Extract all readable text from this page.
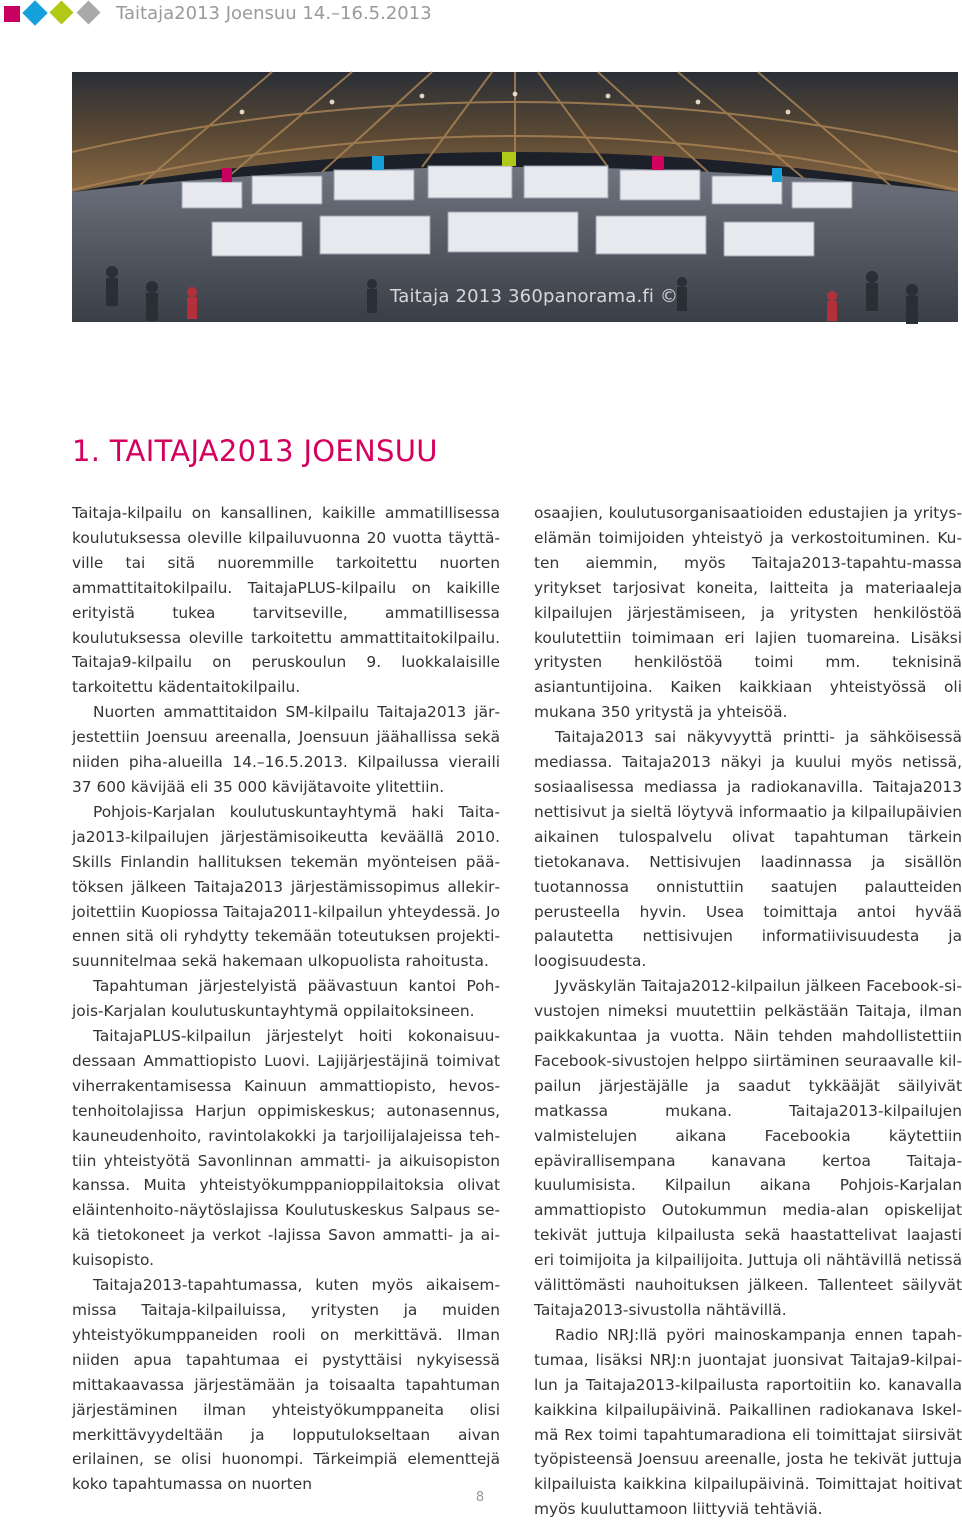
Taitaja2013 Joensuu 14.–16.5.2013
Taitaja 2013 360panorama.fi ©
1. TAITAJA2013 JOENSUU

Taitaja-kilpailu on kansallinen, kaikille ammatillisessa koulutuksessa oleville kilpailuvuonna 20 vuotta täyttäville tai sitä nuoremmille tarkoitettu nuorten ammattitaitokilpailu. TaitajaPLUS-kilpailu on kaikille erityistä tukea tarvitseville, ammatillisessa koulutuksessa oleville tarkoitettu ammattitaitokilpailu. Taitaja9-kilpailu on peruskoulun 9. luokkalaisille tarkoitettu kädentaitokilpailu.

Nuorten ammattitaidon SM-kilpailu Taitaja2013 järjestettiin Joensuu areenalla, Joensuun jäähallissa sekä niiden piha-alueilla 14.–16.5.2013. Kilpailussa vieraili 37 600 kävijää eli 35 000 kävijätavoite ylitettiin.

Pohjois-Karjalan koulutuskuntayhtymä haki Taitaja2013-kilpailujen järjestämisoikeutta keväällä 2010. Skills Finlandin hallituksen tekemän myönteisen päätöksen jälkeen Taitaja2013 järjestämissopimus allekirjoitettiin Kuopiossa Taitaja2011-kilpailun yhteydessä. Jo ennen sitä oli ryhdytty tekemään toteutuksen projektisuunnitelmaa sekä hakemaan ulkopuolista rahoitusta.

Tapahtuman järjestelyistä päävastuun kantoi Pohjois-Karjalan koulutuskuntayhtymä oppilaitoksineen.

TaitajaPLUS-kilpailun järjestelyt hoiti kokonaisuudessaan Ammattiopisto Luovi. Lajijärjestäjinä toimivat viherrakentamisessa Kainuun ammattiopisto, hevostenhoitolajissa Harjun oppimiskeskus; autonasennus, kauneudenhoito, ravintolakokki ja tarjoilijalajeissa tehtiin yhteistyötä Savonlinnan ammatti- ja aikuisopiston kanssa. Muita yhteistyökumppanioppilaitoksia olivat eläintenhoito-näytöslajissa Koulutuskeskus Salpaus sekä tietokoneet ja verkot -lajissa Savon ammatti- ja aikuisopisto.

Taitaja2013-tapahtumassa, kuten myös aikaisemmissa Taitaja-kilpailuissa, yritysten ja muiden yhteistyökumppaneiden rooli on merkittävä. Ilman niiden apua tapahtumaa ei pystyttäisi nykyisessä mittakaavassa järjestämään ja toisaalta tapahtuman järjestäminen ilman yhteistyökumppaneita olisi merkittävyydeltään ja lopputulokseltaan aivan erilainen, se olisi huonompi. Tärkeimpiä elementtejä koko tapahtumassa on nuorten

osaajien, koulutusorganisaatioiden edustajien ja yrityselämän toimijoiden yhteistyö ja verkostoituminen. Kuten aiemmin, myös Taitaja2013-tapahtu-massa yritykset tarjosivat koneita, laitteita ja materiaaleja kilpailujen järjestämiseen, ja yritysten henkilöstöä koulutettiin toimimaan eri lajien tuomareina. Lisäksi yritysten henkilöstöä toimi mm. teknisinä asiantuntijoina. Kaiken kaikkiaan yhteistyössä oli mukana 350 yritystä ja yhteisöä.

Taitaja2013 sai näkyvyyttä printti- ja sähköisessä mediassa. Taitaja2013 näkyi ja kuului myös netissä, sosiaalisessa mediassa ja radiokanavilla. Taitaja2013 nettisivut ja sieltä löytyvä informaatio ja kilpailupäivien aikainen tulospalvelu olivat tapahtuman tärkein tietokanava. Nettisivujen laadinnassa ja sisällön tuotannossa onnistuttiin saatujen palautteiden perusteella hyvin. Usea toimittaja antoi hyvää palautetta nettisivujen informatiivisuudesta ja loogisuudesta.

Jyväskylän Taitaja2012-kilpailun jälkeen Facebook-sivustojen nimeksi muutettiin pelkästään Taitaja, ilman paikkakuntaa ja vuotta. Näin tehden mahdollistettiin Facebook-sivustojen helppo siirtäminen seuraavalle kilpailun järjestäjälle ja saadut tykkääjät säilyivät matkassa mukana. Taitaja2013-kilpailujen valmistelujen aikana Facebookia käytettiin epävirallisempana kanavana kertoa Taitaja-kuulumisista. Kilpailun aikana Pohjois-Karjalan ammattiopisto Outokummun media-alan opiskelijat tekivät juttuja kilpailusta sekä haastattelivat laajasti eri toimijoita ja kilpailijoita. Juttuja oli nähtävillä netissä välittömästi nauhoituksen jälkeen. Tallenteet säilyvät Taitaja2013-sivustolla nähtävillä.

Radio NRJ:llä pyöri mainoskampanja ennen tapahtumaa, lisäksi NRJ:n juontajat juonsivat Taitaja9-kilpailun ja Taitaja2013-kilpailusta raportoitiin ko. kanavalla kaikkina kilpailupäivinä. Paikallinen radiokanava Iskelmä Rex toimi tapahtumaradiona eli toimittajat siirsivät työpisteensä Joensuu areenalle, josta he tekivät juttuja kilpailuista kaikkina kilpailupäivinä. Toimittajat hoitivat myös kuuluttamoon liittyviä tehtäviä.

8
